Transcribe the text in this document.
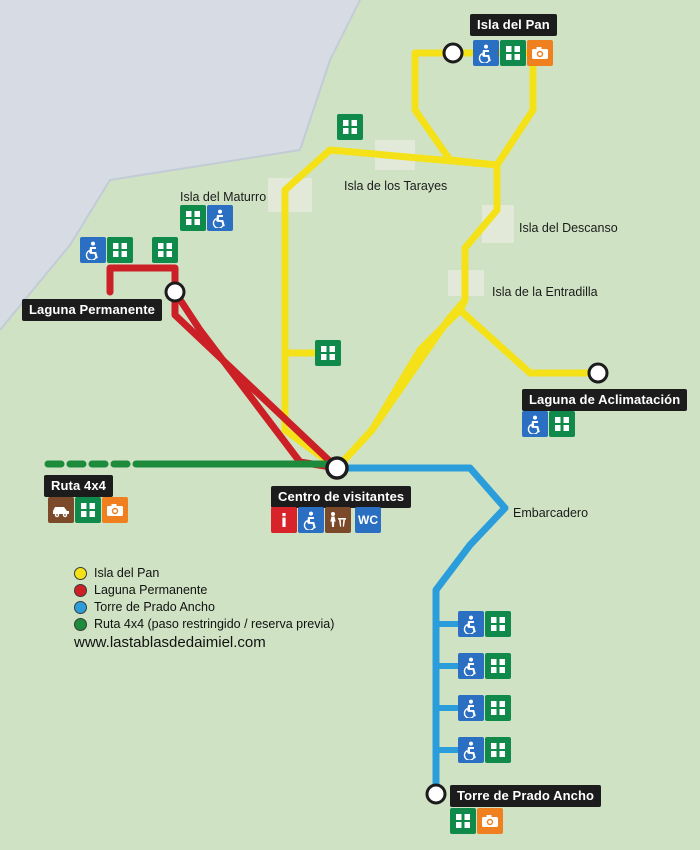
Isla del Pan
Laguna Permanente
Laguna de Aclimatación
Ruta 4x4
Centro de visitantes
Torre de Prado Ancho
Isla del Maturro
Isla de los Tarayes
Isla del Descanso
Isla de la Entradilla
Embarcadero
WC
Isla del Pan
Laguna Permanente
Torre de Prado Ancho
Ruta 4x4 (paso restringido / reserva previa)
www.lastablasdedaimiel.com
